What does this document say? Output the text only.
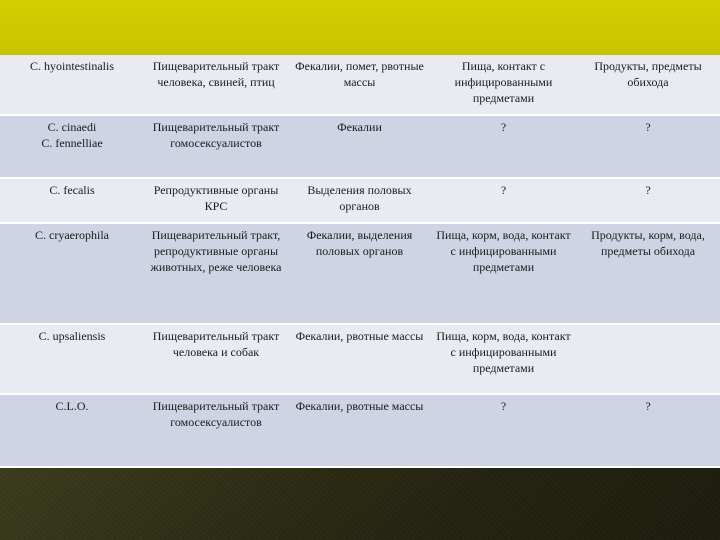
C. hyointestinalis	Пищеварительный тракт человека, свиней, птиц	Фекалии, помет, рвотные массы	Пища, контакт с инфицированными предметами	Продукты, предметы обихода
C. cinaedi
C. fennelliae	Пищеварительный тракт гомосексуалистов	Фекалии	?	?
C. fecalis	Репродуктивные органы КРС	Выделения половых органов	?	?
C. cryaerophila	Пищеварительный тракт, репродуктивные органы животных, реже человека	Фекалии, выделения половых органов	Пища, корм, вода, контакт с инфицированными предметами	Продукты, корм, вода, предметы обихода
C. upsaliensis	Пищеварительный тракт человека и собак	Фекалии, рвотные массы	Пища, корм, вода, контакт с инфицированными предметами	
C.L.O.	Пищеварительный тракт гомосексуалистов	Фекалии, рвотные массы	?	?
